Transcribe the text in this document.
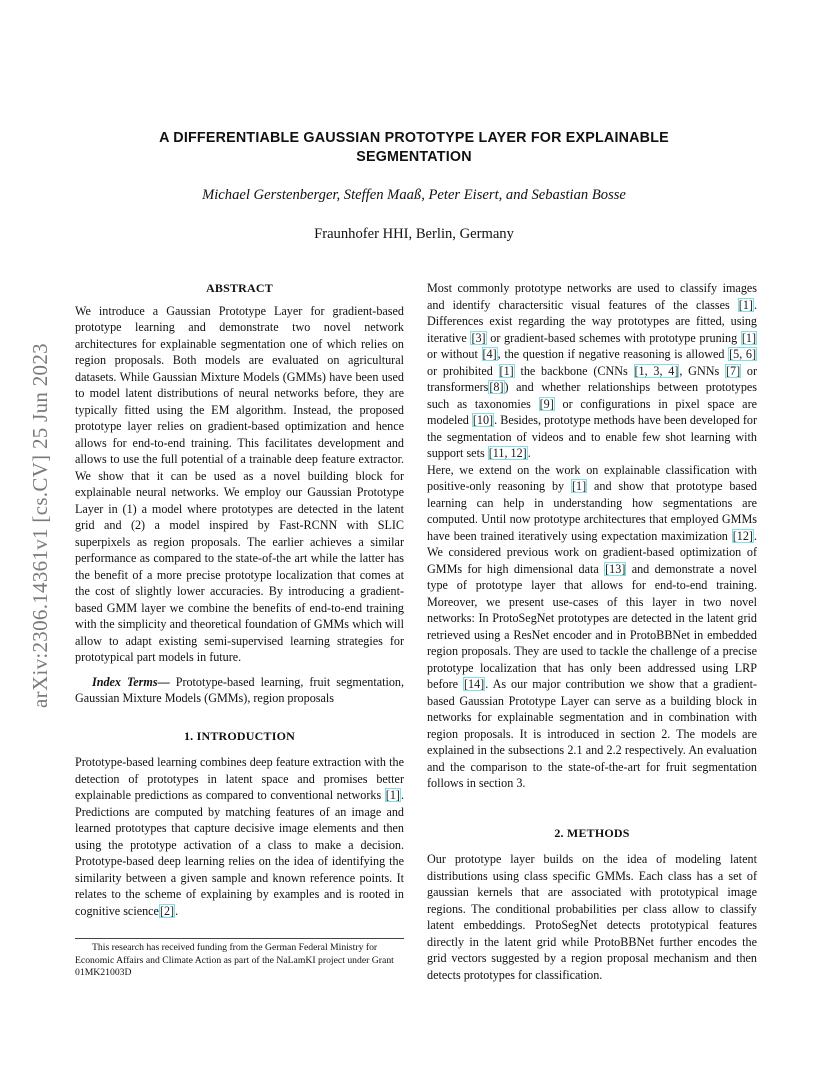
arXiv:2306.14361v1 [cs.CV] 25 Jun 2023
A DIFFERENTIABLE GAUSSIAN PROTOTYPE LAYER FOR EXPLAINABLE SEGMENTATION
Michael Gerstenberger, Steffen Maaß, Peter Eisert, and Sebastian Bosse
Fraunhofer HHI, Berlin, Germany
ABSTRACT

We introduce a Gaussian Prototype Layer for gradient-based prototype learning and demonstrate two novel network architectures for explainable segmentation one of which relies on region proposals. Both models are evaluated on agricultural datasets. While Gaussian Mixture Models (GMMs) have been used to model latent distributions of neural networks before, they are typically fitted using the EM algorithm. Instead, the proposed prototype layer relies on gradient-based optimization and hence allows for end-to-end training. This facilitates development and allows to use the full potential of a trainable deep feature extractor. We show that it can be used as a novel building block for explainable neural networks. We employ our Gaussian Prototype Layer in (1) a model where prototypes are detected in the latent grid and (2) a model inspired by Fast-RCNN with SLIC superpixels as region proposals. The earlier achieves a similar performance as compared to the state-of-the art while the latter has the benefit of a more precise prototype localization that comes at the cost of slightly lower accuracies. By introducing a gradient-based GMM layer we combine the benefits of end-to-end training with the simplicity and theoretical foundation of GMMs which will allow to adapt existing semi-supervised learning strategies for prototypical part models in future.

Index Terms— Prototype-based learning, fruit segmentation, Gaussian Mixture Models (GMMs), region proposals

1. INTRODUCTION

Prototype-based learning combines deep feature extraction with the detection of prototypes in latent space and promises better explainable predictions as compared to conventional networks [1]. Predictions are computed by matching features of an image and learned prototypes that capture decisive image elements and then using the prototype activation of a class to make a decision. Prototype-based deep learning relies on the idea of identifying the similarity between a given sample and known reference points. It relates to the scheme of explaining by examples and is rooted in cognitive science[2].

Most commonly prototype networks are used to classify images and identify charactersitic visual features of the classes [1]. Differences exist regarding the way prototypes are fitted, using iterative [3] or gradient-based schemes with prototype pruning [1] or without [4], the question if negative reasoning is allowed [5, 6] or prohibited [1] the backbone (CNNs [1, 3, 4], GNNs [7] or transformers[8]) and whether relationships between prototypes such as taxonomies [9] or configurations in pixel space are modeled [10]. Besides, prototype methods have been developed for the segmentation of videos and to enable few shot learning with support sets [11, 12].

Here, we extend on the work on explainable classification with positive-only reasoning by [1] and show that prototype based learning can help in understanding how segmentations are computed. Until now prototype architectures that employed GMMs have been trained iteratively using expectation maximization [12]. We considered previous work on gradient-based optimization of GMMs for high dimensional data [13] and demonstrate a novel type of prototype layer that allows for end-to-end training. Moreover, we present use-cases of this layer in two novel networks: In ProtoSegNet prototypes are detected in the latent grid retrieved using a ResNet encoder and in ProtoBBNet in embedded region proposals. They are used to tackle the challenge of a precise prototype localization that has only been addressed using LRP before [14]. As our major contribution we show that a gradient-based Gaussian Prototype Layer can serve as a building block in networks for explainable segmentation and in combination with region proposals. It is introduced in section 2. The models are explained in the subsections 2.1 and 2.2 respectively. An evaluation and the comparison to the state-of-the-art for fruit segmentation follows in section 3.

2. METHODS

Our prototype layer builds on the idea of modeling latent distributions using class specific GMMs. Each class has a set of gaussian kernels that are associated with prototypical image regions. The conditional probabilities per class allow to classify latent embeddings. ProtoSegNet detects prototypical features directly in the latent grid while ProtoBBNet further encodes the grid vectors suggested by a region proposal mechanism and then detects prototypes for classification.

This research has received funding from the German Federal Ministry for Economic Affairs and Climate Action as part of the NaLamKI project under Grant 01MK21003D
